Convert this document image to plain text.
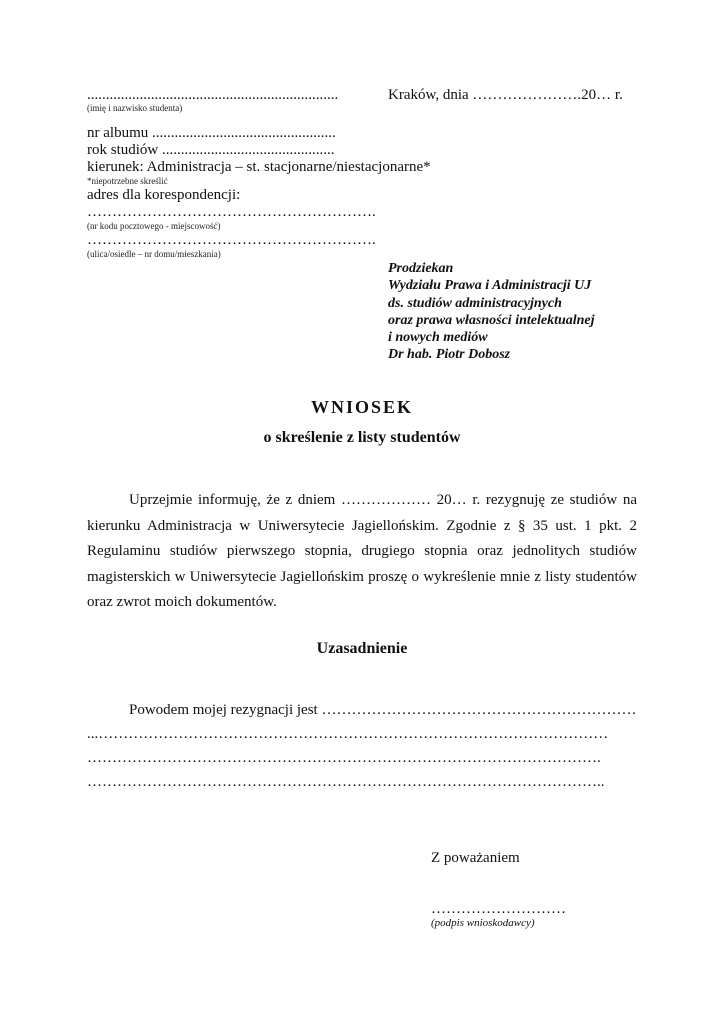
...................................................................
(imię i nazwisko studenta)
Kraków, dnia ………………….20… r.
nr albumu .................................................
rok studiów ..............................................
kierunek: Administracja – st. stacjonarne/niestacjonarne*
*niepotrzebne skreślić
adres dla korespondencji:
………………………………………………….
(nr kodu pocztowego - miejscowość)
………………………………………………….
(ulica/osiedle – nr domu/mieszkania)
Prodziekan
Wydziału Prawa i Administracji UJ
ds. studiów administracyjnych
oraz prawa własności intelektualnej
i nowych mediów
Dr hab. Piotr Dobosz
WNIOSEK
o skreślenie z listy studentów
Uprzejmie informuję, że z dniem ……………… 20… r. rezygnuję ze studiów na
kierunku Administracja w Uniwersytecie Jagiellońskim. Zgodnie z § 35 ust. 1 pkt. 2
Regulaminu studiów pierwszego stopnia, drugiego stopnia oraz jednolitych studiów
magisterskich w Uniwersytecie Jagiellońskim proszę o wykreślenie mnie z listy studentów
oraz zwrot moich dokumentów.
Uzasadnienie
Powodem mojej rezygnacji jest ………………………………………………………
...…………………………………………………………………………………………
………………………………………………………………………………………….
…………………………………………………………………………………………..
Z poważaniem
………………………
(podpis wnioskodawcy)
